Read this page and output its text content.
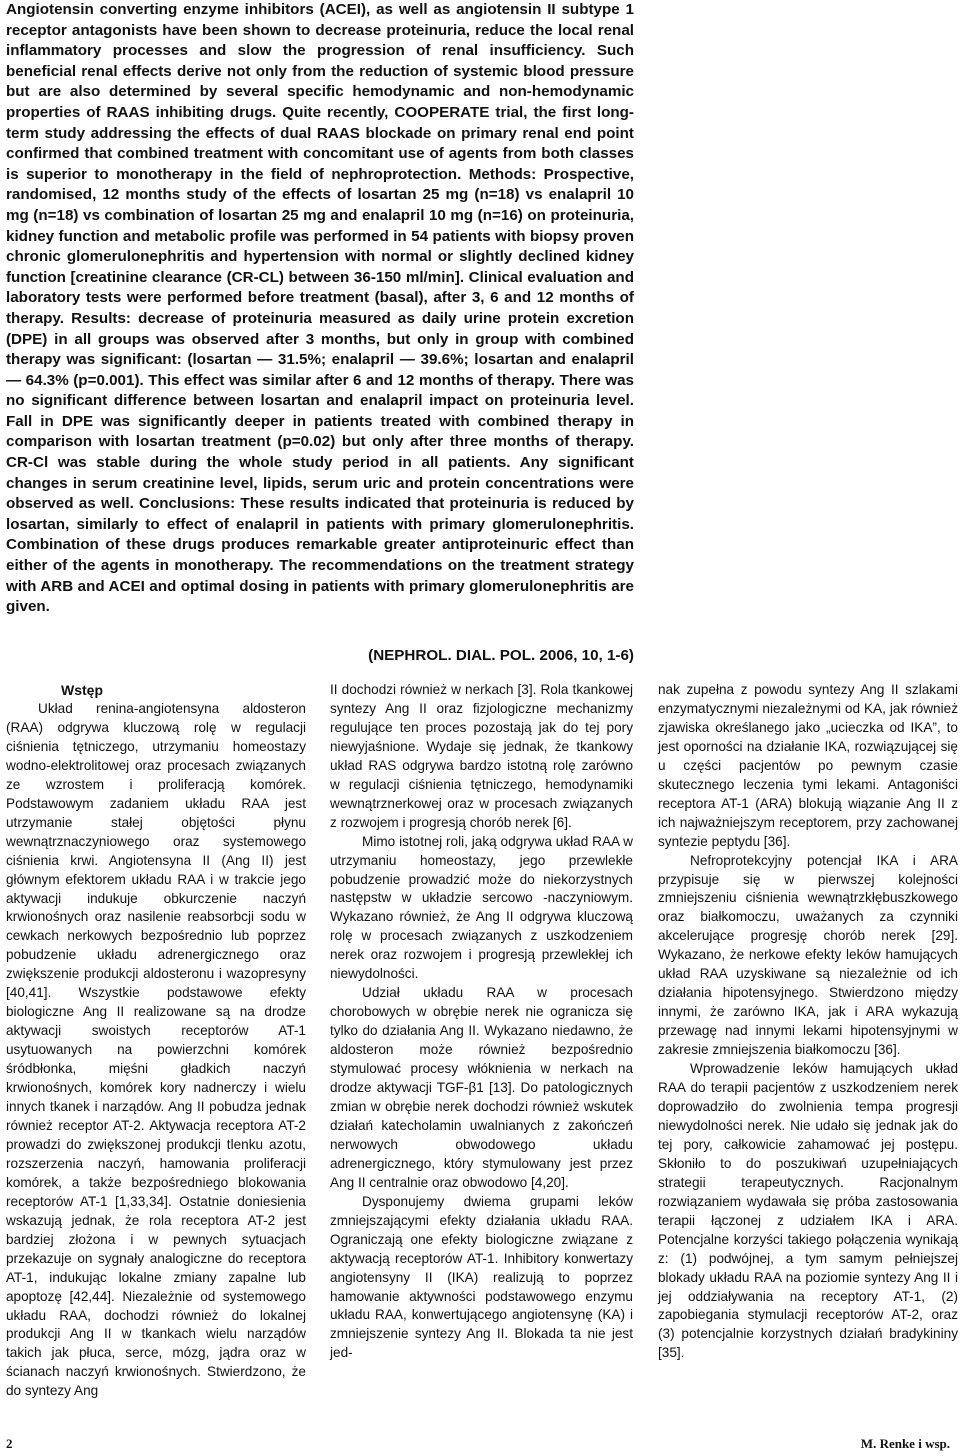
Angiotensin converting enzyme inhibitors (ACEI), as well as angiotensin II subtype 1 receptor antagonists have been shown to decrease proteinuria, reduce the local renal inflammatory processes and slow the progression of renal insufficiency. Such beneficial renal effects derive not only from the reduction of systemic blood pressure but are also determined by several specific hemodynamic and non-hemodynamic properties of RAAS inhibiting drugs. Quite recently, COOPERATE trial, the first long-term study addressing the effects of dual RAAS blockade on primary renal end point confirmed that combined treatment with concomitant use of agents from both classes is superior to monotherapy in the field of nephroprotection. Methods: Prospective, randomised, 12 months study of the effects of losartan 25 mg (n=18) vs enalapril 10 mg (n=18) vs combination of losartan 25 mg and enalapril 10 mg (n=16) on proteinuria, kidney function and metabolic profile was performed in 54 patients with biopsy proven chronic glomerulonephritis and hypertension with normal or slightly declined kidney function [creatinine clearance (CR-CL) between 36-150 ml/min]. Clinical evaluation and laboratory tests were performed before treatment (basal), after 3, 6 and 12 months of therapy. Results: decrease of proteinuria measured as daily urine protein excretion (DPE) in all groups was observed after 3 months, but only in group with combined therapy was significant: (losartan — 31.5%; enalapril — 39.6%; losartan and enalapril — 64.3% (p=0.001). This effect was similar after 6 and 12 months of therapy. There was no significant difference between losartan and enalapril impact on proteinuria level. Fall in DPE was significantly deeper in patients treated with combined therapy in comparison with losartan treatment (p=0.02) but only after three months of therapy. CR-Cl was stable during the whole study period in all patients. Any significant changes in serum creatinine level, lipids, serum uric and protein concentrations were observed as well. Conclusions: These results indicated that proteinuria is reduced by losartan, similarly to effect of enalapril in patients with primary glomerulonephritis. Combination of these drugs produces remarkable greater antiproteinuric effect than either of the agents in monotherapy. The recommendations on the treatment strategy with ARB and ACEI and optimal dosing in patients with primary glomerulonephritis are given.

(NEPHROL. DIAL. POL. 2006, 10, 1-6)
Wstęp

Układ renina-angiotensyna aldosteron (RAA) odgrywa kluczową rolę w regulacji ciśnienia tętniczego, utrzymaniu homeostazy wodno-elektrolitowej oraz procesach związanych ze wzrostem i proliferacją komórek. Podstawowym zadaniem układu RAA jest utrzymanie stałej objętości płynu wewnątrznaczyniowego oraz systemowego ciśnienia krwi. Angiotensyna II (Ang II) jest głównym efektorem układu RAA i w trakcie jego aktywacji indukuje obkurczenie naczyń krwionośnych oraz nasilenie reabsorbcji sodu w cewkach nerkowych bezpośrednio lub poprzez pobudzenie układu adrenergicznego oraz zwiększenie produkcji aldosteronu i wazopresyny [40,41]. Wszystkie podstawowe efekty biologiczne Ang II realizowane są na drodze aktywacji swoistych receptorów AT-1 usytuowanych na powierzchni komórek śródbłonka, mięśni gładkich naczyń krwionośnych, komórek kory nadnerczy i wielu innych tkanek i narządów. Ang II pobudza jednak również receptor AT-2. Aktywacja receptora AT-2 prowadzi do zwiększonej produkcji tlenku azotu, rozszerzenia naczyń, hamowania proliferacji komórek, a także bezpośredniego blokowania receptorów AT-1 [1,33,34]. Ostatnie doniesienia wskazują jednak, że rola receptora AT-2 jest bardziej złożona i w pewnych sytuacjach przekazuje on sygnały analogiczne do receptora AT-1, indukując lokalne zmiany zapalne lub apoptozę [42,44]. Niezależnie od systemowego układu RAA, dochodzi również do lokalnej produkcji Ang II w tkankach wielu narządów takich jak płuca, serce, mózg, jądra oraz w ścianach naczyń krwionośnych. Stwierdzono, że do syntezy Ang

II dochodzi również w nerkach [3]. Rola tkankowej syntezy Ang II oraz fizjologiczne mechanizmy regulujące ten proces pozostają jak do tej pory niewyjaśnione. Wydaje się jednak, że tkankowy układ RAS odgrywa bardzo istotną rolę zarówno w regulacji ciśnienia tętniczego, hemodynamiki wewnątrznerkowej oraz w procesach związanych z rozwojem i progresją chorób nerek [6].

Mimo istotnej roli, jaką odgrywa układ RAA w utrzymaniu homeostazy, jego przewlekłe pobudzenie prowadzić może do niekorzystnych następstw w układzie sercowo -naczyniowym. Wykazano również, że Ang II odgrywa kluczową rolę w procesach związanych z uszkodzeniem nerek oraz rozwojem i progresją przewlekłej ich niewydolności.

Udział układu RAA w procesach chorobowych w obrębie nerek nie ogranicza się tylko do działania Ang II. Wykazano niedawno, że aldosteron może również bezpośrednio stymulować procesy włóknienia w nerkach na drodze aktywacji TGF-β1 [13]. Do patologicznych zmian w obrębie nerek dochodzi również wskutek działań katecholamin uwalnianych z zakończeń nerwowych obwodowego układu adrenergicznego, który stymulowany jest przez Ang II centralnie oraz obwodowo [4,20].

Dysponujemy dwiema grupami leków zmniejszającymi efekty działania układu RAA. Ograniczają one efekty biologiczne związane z aktywacją receptorów AT-1. Inhibitory konwertazy angiotensyny II (IKA) realizują to poprzez hamowanie aktywności podstawowego enzymu układu RAA, konwertującego angiotensynę (KA) i zmniejszenie syntezy Ang II. Blokada ta nie jest jed-

nak zupełna z powodu syntezy Ang II szlakami enzymatycznymi niezależnymi od KA, jak również zjawiska określanego jako „ucieczka od IKA”, to jest oporności na działanie IKA, rozwiązującej się u części pacjentów po pewnym czasie skutecznego leczenia tymi lekami. Antagoniści receptora AT-1 (ARA) blokują wiązanie Ang II z ich najważniejszym receptorem, przy zachowanej syntezie peptydu [36].

Nefroprotekcyjny potencjał IKA i ARA przypisuje się w pierwszej kolejności zmniejszeniu ciśnienia wewnątrzkłębuszkowego oraz białkomoczu, uważanych za czynniki akcelerujące progresję chorób nerek [29]. Wykazano, że nerkowe efekty leków hamujących układ RAA uzyskiwane są niezależnie od ich działania hipotensyjnego. Stwierdzono między innymi, że zarówno IKA, jak i ARA wykazują przewagę nad innymi lekami hipotensyjnymi w zakresie zmniejszenia białkomoczu [36].

Wprowadzenie leków hamujących układ RAA do terapii pacjentów z uszkodzeniem nerek doprowadziło do zwolnienia tempa progresji niewydolności nerek. Nie udało się jednak jak do tej pory, całkowicie zahamować jej postępu. Skłoniło to do poszukiwań uzupełniających strategii terapeutycznych. Racjonalnym rozwiązaniem wydawała się próba zastosowania terapii łączonej z udziałem IKA i ARA. Potencjalne korzyści takiego połączenia wynikają z: (1) podwójnej, a tym samym pełniejszej blokady układu RAA na poziomie syntezy Ang II i jej oddziaływania na receptory AT-1, (2) zapobiegania stymulacji receptorów AT-2, oraz (3) potencjalnie korzystnych działań bradykininy [35].

2	M. Renke i wsp.
